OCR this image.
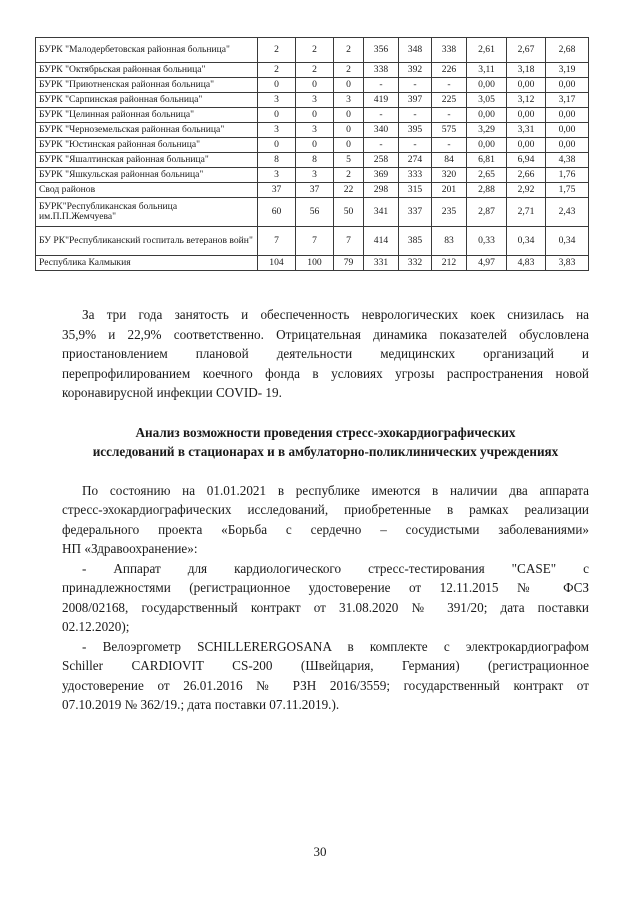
БУРК "Малодербетовская районная больница"	2	2	2	356	348	338	2,61	2,67	2,68
БУРК "Октябрьская районная больница"	2	2	2	338	392	226	3,11	3,18	3,19
БУРК "Приютненская районная больница"	0	0	0	-	-	-	0,00	0,00	0,00
БУРК "Сарпинская районная больница"	3	3	3	419	397	225	3,05	3,12	3,17
БУРК "Целинная районная больница"	0	0	0	-	-	-	0,00	0,00	0,00
БУРК "Черноземельская районная больница"	3	3	0	340	395	575	3,29	3,31	0,00
БУРК "Юстинская районная больница"	0	0	0	-	-	-	0,00	0,00	0,00
БУРК "Яшалтинская районная больница"	8	8	5	258	274	84	6,81	6,94	4,38
БУРК "Яшкульская районная больница"	3	3	2	369	333	320	2,65	2,66	1,76
Свод районов	37	37	22	298	315	201	2,88	2,92	1,75
БУРК"Республиканская больница им.П.П.Жемчуева"	60	56	50	341	337	235	2,87	2,71	2,43
БУ РК"Республиканский госпиталь ветеранов войн"	7	7	7	414	385	83	0,33	0,34	0,34
Республика Калмыкия	104	100	79	331	332	212	4,97	4,83	3,83

За три года занятость и обеспеченность неврологических коек снизилась на

35,9% и 22,9% соответственно. Отрицательная динамика показателей обусловлена

приостановлением плановой деятельности медицинских организаций и

перепрофилированием коечного фонда в условиях угрозы распространения новой

коронавирусной инфекции COVID- 19.

Анализ возможности проведения стресс-эхокардиографических

исследований в стационарах и в амбулаторно-поликлинических учреждениях

По состоянию на 01.01.2021 в республике имеются в наличии два аппарата

стресс-эхокардиографических исследований, приобретенные в рамках реализации

федерального проекта «Борьба с сердечно – сосудистыми заболеваниями»

НП «Здравоохранение»:

- Аппарат для кардиологического стресс-тестирования "CASE" с

принадлежностями (регистрационное удостоверение от 12.11.2015 № ФСЗ

2008/02168, государственный контракт от 31.08.2020 № 391/20; дата поставки

02.12.2020);

- Велоэргометр SCHILLERERGOSANA в комплекте с электрокардиографом

Schiller CARDIOVIT CS-200 (Швейцария, Германия) (регистрационное

удостоверение от 26.01.2016 № РЗН 2016/3559; государственный контракт от

07.10.2019 № 362/19.; дата поставки 07.11.2019.).

30
